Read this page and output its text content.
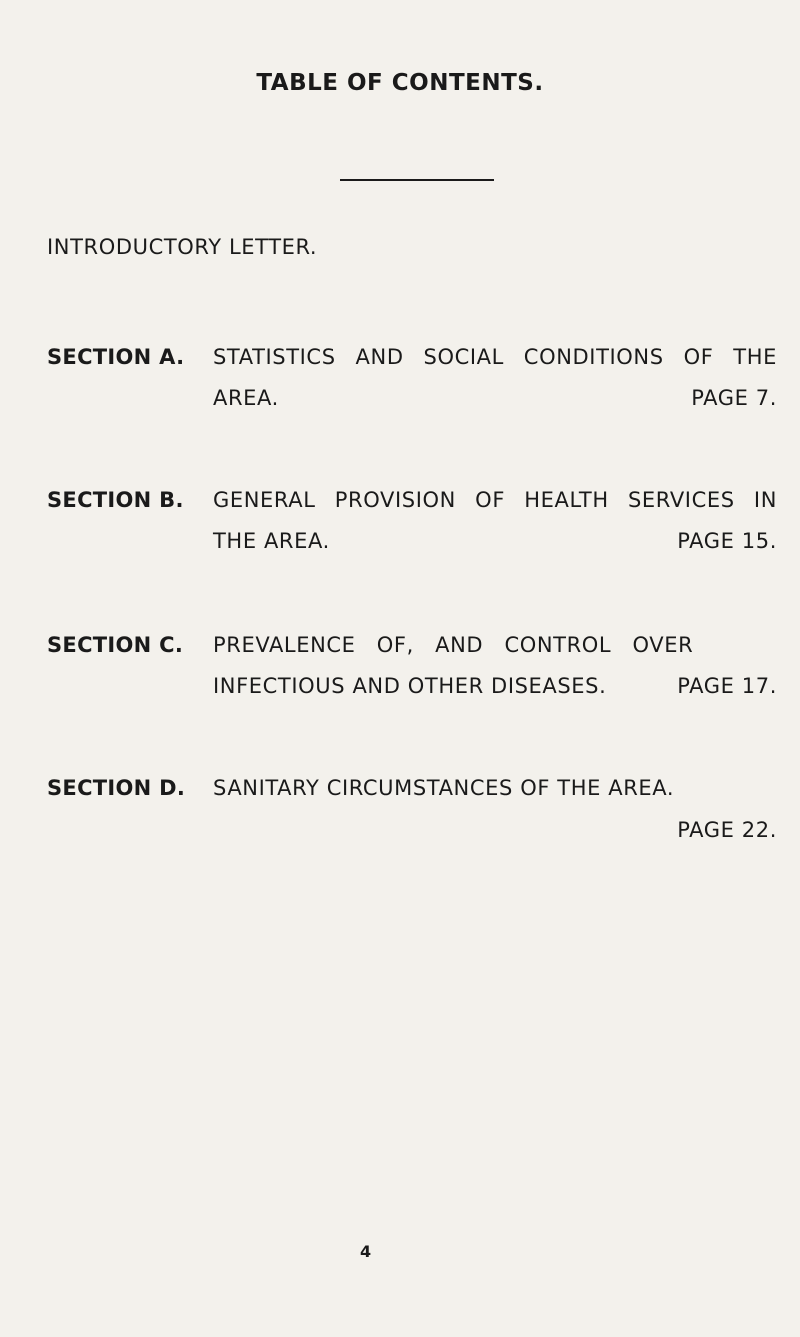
TABLE OF CONTENTS.
INTRODUCTORY LETTER.
SECTION A. STATISTICS AND SOCIAL CONDITIONS OF THE
AREA.	PAGE 7.
SECTION B. GENERAL PROVISION OF HEALTH SERVICES IN
THE AREA.	PAGE 15.
SECTION C. PREVALENCE OF, AND CONTROL OVER
INFECTIOUS AND OTHER DISEASES.	PAGE 17.
SECTION D. SANITARY CIRCUMSTANCES OF THE AREA.
PAGE 22.
4
